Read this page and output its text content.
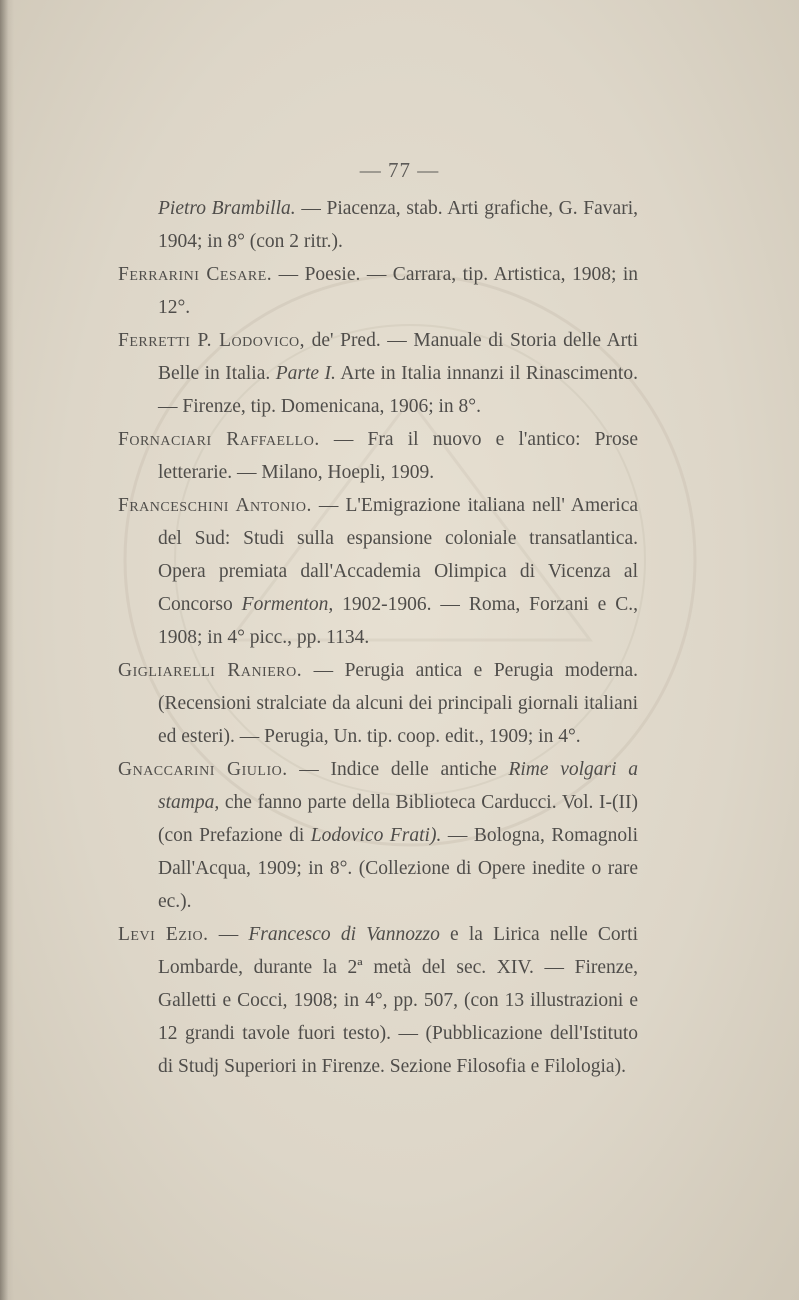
— 77 —

Pietro Brambilla. — Piacenza, stab. Arti grafiche, G. Favari, 1904; in 8° (con 2 ritr.).

Ferrarini Cesare. — Poesie. — Carrara, tip. Artistica, 1908; in 12°.

Ferretti P. Lodovico, de' Pred. — Manuale di Storia delle Arti Belle in Italia. Parte I. Arte in Italia innanzi il Rinascimento. — Firenze, tip. Domenicana, 1906; in 8°.

Fornaciari Raffaello. — Fra il nuovo e l'antico: Prose letterarie. — Milano, Hoepli, 1909.

Franceschini Antonio. — L'Emigrazione italiana nell' America del Sud: Studi sulla espansione coloniale transatlantica. Opera premiata dall'Accademia Olimpica di Vicenza al Concorso Formenton, 1902-1906. — Roma, Forzani e C., 1908; in 4° picc., pp. 1134.

Gigliarelli Raniero. — Perugia antica e Perugia moderna. (Recensioni stralciate da alcuni dei principali giornali italiani ed esteri). — Perugia, Un. tip. coop. edit., 1909; in 4°.

Gnaccarini Giulio. — Indice delle antiche Rime volgari a stampa, che fanno parte della Biblioteca Carducci. Vol. I-(II) (con Prefazione di Lodovico Frati). — Bologna, Romagnoli Dall'Acqua, 1909; in 8°. (Collezione di Opere inedite o rare ec.).

Levi Ezio. — Francesco di Vannozzo e la Lirica nelle Corti Lombarde, durante la 2ª metà del sec. XIV. — Firenze, Galletti e Cocci, 1908; in 4°, pp. 507, (con 13 illustrazioni e 12 grandi tavole fuori testo). — (Pubblicazione dell'Istituto di Studj Superiori in Firenze. Sezione Filosofia e Filologia).
